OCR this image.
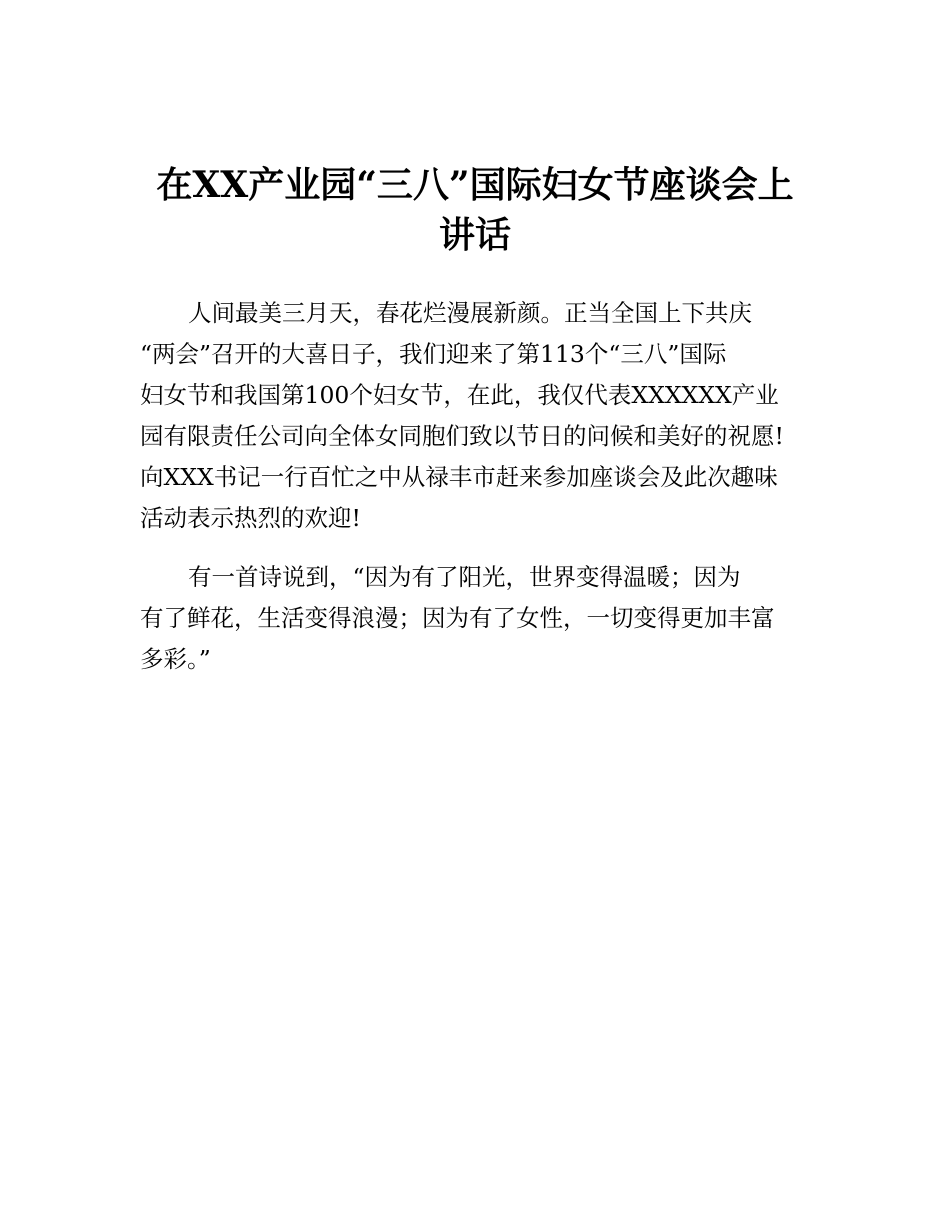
在XX产业园“三八”国际妇女节座谈会上
讲话

人间最美三月天，春花烂漫展新颜。正当全国上下共庆
“两会”召开的大喜日子，我们迎来了第113个“三八”国际
妇女节和我国第100个妇女节，在此，我仅代表XXXXXX产业
园有限责任公司向全体女同胞们致以节日的问候和美好的祝愿!
向XXX书记一行百忙之中从禄丰市赶来参加座谈会及此次趣味
活动表示热烈的欢迎!

有一首诗说到，“因为有了阳光，世界变得温暖；因为
有了鲜花，生活变得浪漫；因为有了女性，一切变得更加丰富
多彩。”
